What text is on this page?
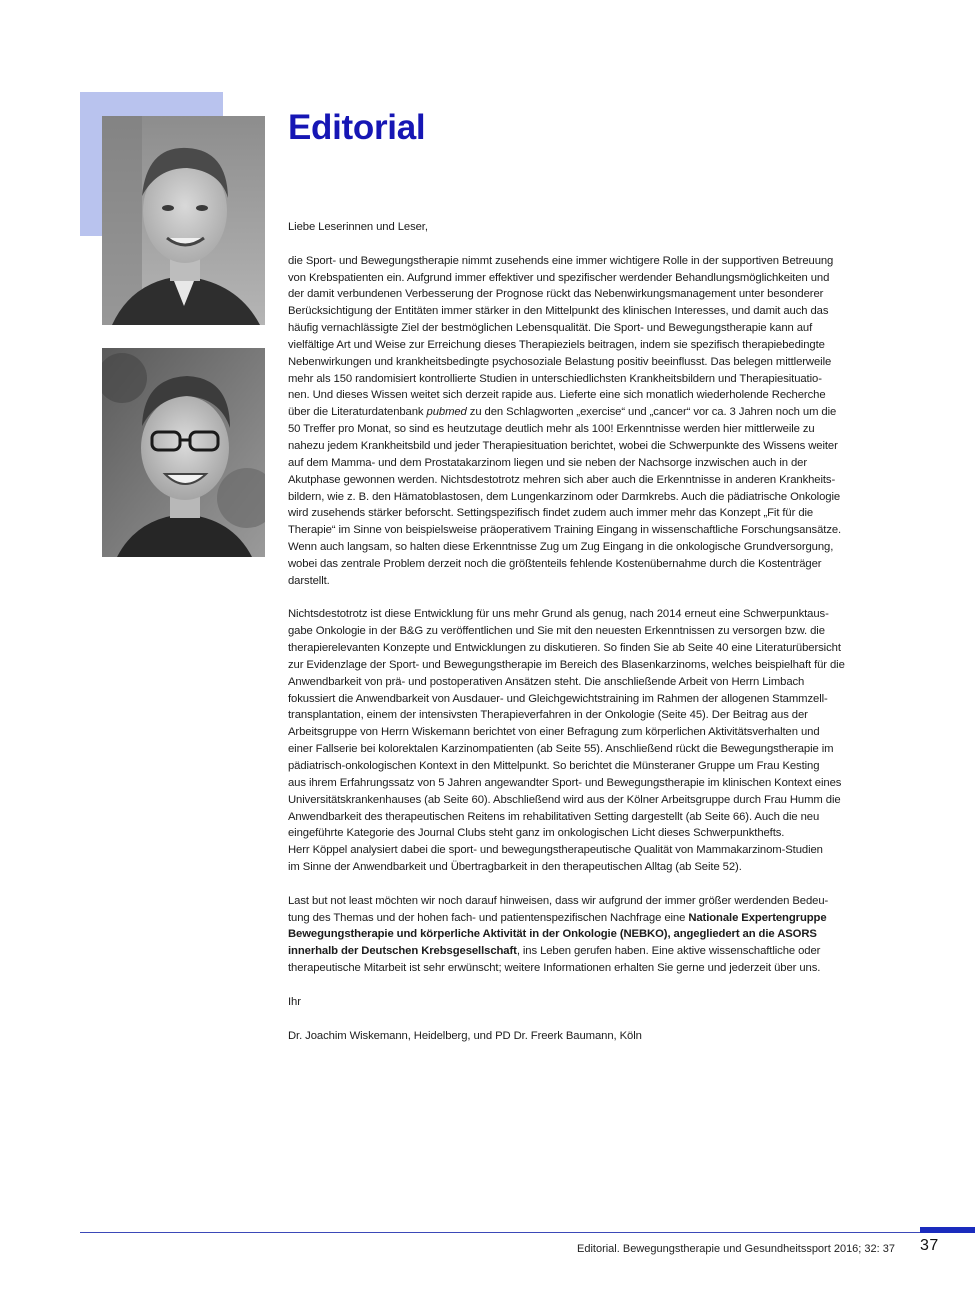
Editorial

Liebe Leserinnen und Leser,

die Sport- und Bewegungstherapie nimmt zusehends eine immer wichtigere Rolle in der supportiven Betreuung
von Krebspatienten ein. Aufgrund immer effektiver und spezifischer werdender Behandlungsmöglichkeiten und
der damit verbundenen Verbesserung der Prognose rückt das Nebenwirkungsmanagement unter besonderer
Berücksichtigung der Entitäten immer stärker in den Mittelpunkt des klinischen Interesses, und damit auch das
häufig vernachlässigte Ziel der bestmöglichen Lebensqualität. Die Sport- und Bewegungstherapie kann auf
vielfältige Art und Weise zur Erreichung dieses Therapieziels beitragen, indem sie spezifisch therapiebedingte
Nebenwirkungen und krankheitsbedingte psychosoziale Belastung positiv beeinflusst. Das belegen mittlerweile
mehr als 150 randomisiert kontrollierte Studien in unterschiedlichsten Krankheitsbildern und Therapiesituatio-
nen. Und dieses Wissen weitet sich derzeit rapide aus. Lieferte eine sich monatlich wiederholende Recherche
über die Literaturdatenbank pubmed zu den Schlagworten „exercise“ und „cancer“ vor ca. 3 Jahren noch um die
50 Treffer pro Monat, so sind es heutzutage deutlich mehr als 100! Erkenntnisse werden hier mittlerweile zu
nahezu jedem Krankheitsbild und jeder Therapiesituation berichtet, wobei die Schwerpunkte des Wissens weiter
auf dem Mamma- und dem Prostatakarzinom liegen und sie neben der Nachsorge inzwischen auch in der
Akutphase gewonnen werden. Nichtsdestotrotz mehren sich aber auch die Erkenntnisse in anderen Krankheits-
bildern, wie z. B. den Hämatoblastosen, dem Lungenkarzinom oder Darmkrebs. Auch die pädiatrische Onkologie
wird zusehends stärker beforscht. Settingspezifisch findet zudem auch immer mehr das Konzept „Fit für die
Therapie“ im Sinne von beispielsweise präoperativem Training Eingang in wissenschaftliche Forschungsansätze.
Wenn auch langsam, so halten diese Erkenntnisse Zug um Zug Eingang in die onkologische Grundversorgung,
wobei das zentrale Problem derzeit noch die größtenteils fehlende Kostenübernahme durch die Kostenträger
darstellt.

Nichtsdestotrotz ist diese Entwicklung für uns mehr Grund als genug, nach 2014 erneut eine Schwerpunktaus-
gabe Onkologie in der B&G zu veröffentlichen und Sie mit den neuesten Erkenntnissen zu versorgen bzw. die
therapierelevanten Konzepte und Entwicklungen zu diskutieren. So finden Sie ab Seite 40 eine Literaturübersicht
zur Evidenzlage der Sport- und Bewegungstherapie im Bereich des Blasenkarzinoms, welches beispielhaft für die
Anwendbarkeit von prä- und postoperativen Ansätzen steht. Die anschließende Arbeit von Herrn Limbach
fokussiert die Anwendbarkeit von Ausdauer- und Gleichgewichtstraining im Rahmen der allogenen Stammzell-
transplantation, einem der intensivsten Therapieverfahren in der Onkologie (Seite 45). Der Beitrag aus der
Arbeitsgruppe von Herrn Wiskemann berichtet von einer Befragung zum körperlichen Aktivitätsverhalten und
einer Fallserie bei kolorektalen Karzinompatienten (ab Seite 55). Anschließend rückt die Bewegungstherapie im
pädiatrisch-onkologischen Kontext in den Mittelpunkt. So berichtet die Münsteraner Gruppe um Frau Kesting
aus ihrem Erfahrungssatz von 5 Jahren angewandter Sport- und Bewegungstherapie im klinischen Kontext eines
Universitätskrankenhauses (ab Seite 60). Abschließend wird aus der Kölner Arbeitsgruppe durch Frau Humm die
Anwendbarkeit des therapeutischen Reitens im rehabilitativen Setting dargestellt (ab Seite 66). Auch die neu
eingeführte Kategorie des Journal Clubs steht ganz im onkologischen Licht dieses Schwerpunkthefts.
Herr Köppel analysiert dabei die sport- und bewegungstherapeutische Qualität von Mammakarzinom-Studien
im Sinne der Anwendbarkeit und Übertragbarkeit in den therapeutischen Alltag (ab Seite 52).

Last but not least möchten wir noch darauf hinweisen, dass wir aufgrund der immer größer werdenden Bedeu-
tung des Themas und der hohen fach- und patientenspezifischen Nachfrage eine Nationale Expertengruppe
Bewegungstherapie und körperliche Aktivität in der Onkologie (NEBKO), angegliedert an die ASORS
innerhalb der Deutschen Krebsgesellschaft, ins Leben gerufen haben. Eine aktive wissenschaftliche oder
therapeutische Mitarbeit ist sehr erwünscht; weitere Informationen erhalten Sie gerne und jederzeit über uns.

Ihr

Dr. Joachim Wiskemann, Heidelberg, und PD Dr. Freerk Baumann, Köln

Editorial. Bewegungstherapie und Gesundheitssport 2016; 32: 37 37
